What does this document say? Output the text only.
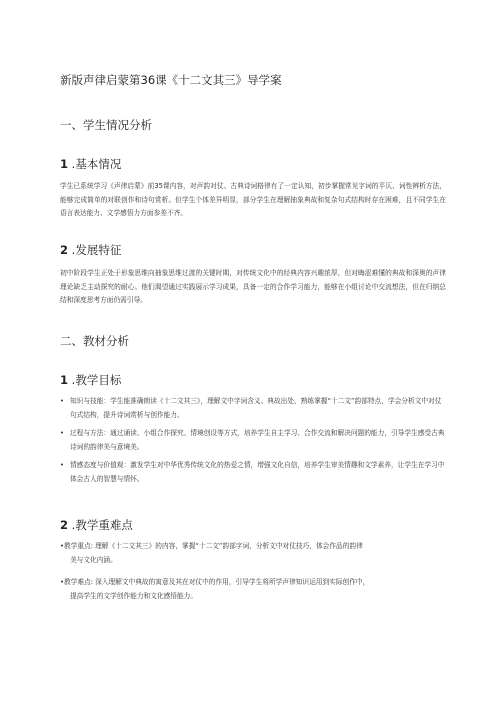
新版声律启蒙第36课《十二文其三》导学案
一、学生情况分析
1 .基本情况
学生已系统学习《声律启蒙》前35课内容，对声韵对仗、古典诗词格律有了一定认知，初步掌握常见字词的平仄、词性辨析方法，能够完成简单的对联创作和诗句赏析。但学生个体差异明显，部分学生在理解抽象典故和复杂句式结构时存在困难，且不同学生在语言表达能力、文学感悟力方面参差不齐。
2 .发展特征
初中阶段学生正处于形象思维向抽象思维过渡的关键时期，对传统文化中的经典内容兴趣浓厚，但对晦涩难懂的典故和深奥的声律理论缺乏主动探究的耐心。他们渴望通过实践展示学习成果，具备一定的合作学习能力，能够在小组讨论中交流想法，但在归纳总结和深度思考方面仍需引导。
二、教材分析
1 .教学目标
• 知识与技能：学生能准确朗读《十二文其三》，理解文中字词含义、典故出处，熟练掌握“十二文”韵部特点，学会分析文中对仗句式结构，提升诗词赏析与创作能力。
• 过程与方法：通过诵读、小组合作探究、情境创设等方式，培养学生自主学习、合作交流和解决问题的能力，引导学生感受古典诗词的韵律美与意境美。
• 情感态度与价值观：激发学生对中华优秀传统文化的热爱之情，增强文化自信，培养学生审美情趣和文学素养，让学生在学习中体会古人的智慧与情怀。
2 .教学重难点
•教学重点: 理解《十二文其三》的内容，掌握“十二文”韵部字词，分析文中对仗技巧，体会作品的韵律
美与文化内涵。
•教学难点: 深入理解文中典故的寓意及其在对仗中的作用，引导学生将所学声律知识运用到实际创作中，
提高学生的文学创作能力和文化感悟能力。
